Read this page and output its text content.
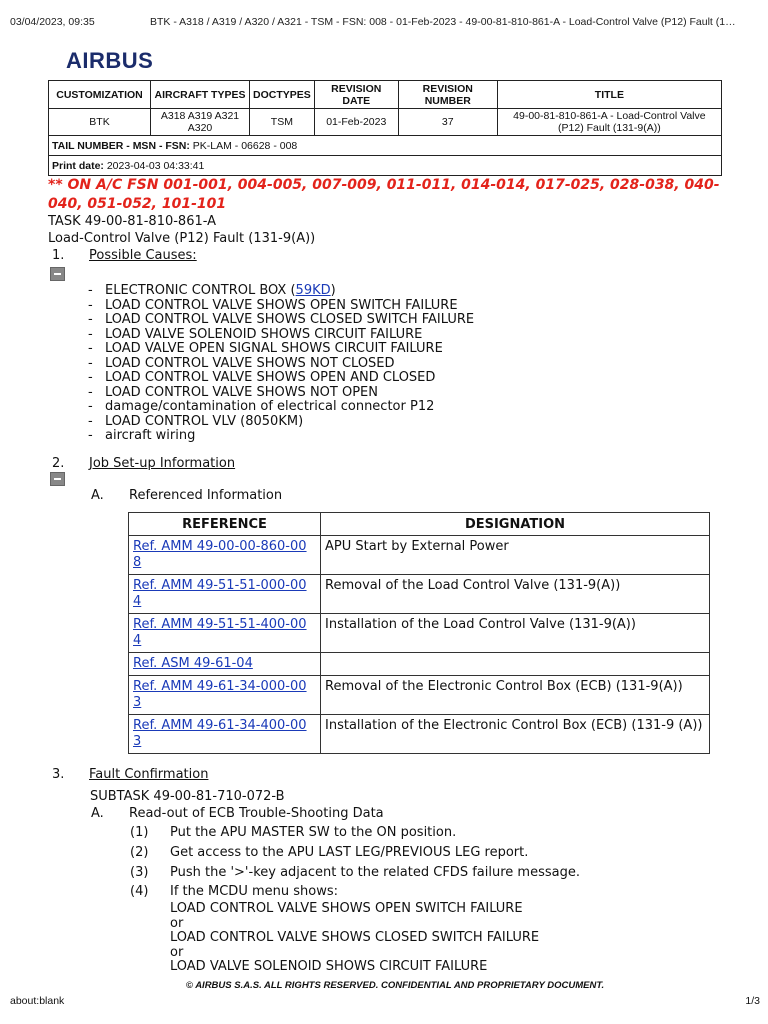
03/04/2023, 09:35	BTK - A318 / A319 / A320 / A321 - TSM - FSN: 008 - 01-Feb-2023 - 49-00-81-810-861-A - Load-Control Valve (P12) Fault (1…
AIRBUS
CUSTOMIZATION	AIRCRAFT TYPES	DOCTYPES	REVISION DATE	REVISION NUMBER	TITLE
BTK	A318 A319 A321 A320	TSM	01-Feb-2023	37	49-00-81-810-861-A - Load-Control Valve (P12) Fault (131-9(A))
TAIL NUMBER - MSN - FSN: PK-LAM - 06628 - 008					
Print date: 2023-04-03 04:33:41					
** ON A/C FSN 001-001, 004-005, 007-009, 011-011, 014-014, 017-025, 028-038, 040-040, 051-052, 101-101
TASK 49-00-81-810-861-A
Load-Control Valve (P12) Fault (131-9(A))
1. Possible Causes:
- ELECTRONIC CONTROL BOX (59KD)
- LOAD CONTROL VALVE SHOWS OPEN SWITCH FAILURE
- LOAD CONTROL VALVE SHOWS CLOSED SWITCH FAILURE
- LOAD VALVE SOLENOID SHOWS CIRCUIT FAILURE
- LOAD VALVE OPEN SIGNAL SHOWS CIRCUIT FAILURE
- LOAD CONTROL VALVE SHOWS NOT CLOSED
- LOAD CONTROL VALVE SHOWS OPEN AND CLOSED
- LOAD CONTROL VALVE SHOWS NOT OPEN
- damage/contamination of electrical connector P12
- LOAD CONTROL VLV (8050KM)
- aircraft wiring
2. Job Set-up Information
A. Referenced Information
REFERENCE	DESIGNATION
Ref. AMM 49-00-00-860-00 8	APU Start by External Power
Ref. AMM 49-51-51-000-00 4	Removal of the Load Control Valve (131-9(A))
Ref. AMM 49-51-51-400-00 4	Installation of the Load Control Valve (131-9(A))
Ref. ASM 49-61-04	
Ref. AMM 49-61-34-000-00 3	Removal of the Electronic Control Box (ECB) (131-9(A))
Ref. AMM 49-61-34-400-00 3	Installation of the Electronic Control Box (ECB) (131-9 (A))
3. Fault Confirmation
SUBTASK 49-00-81-710-072-B
A. Read-out of ECB Trouble-Shooting Data
(1) Put the APU MASTER SW to the ON position.
(2) Get access to the APU LAST LEG/PREVIOUS LEG report.
(3) Push the '>'-key adjacent to the related CFDS failure message.
(4) If the MCDU menu shows:
LOAD CONTROL VALVE SHOWS OPEN SWITCH FAILURE
or
LOAD CONTROL VALVE SHOWS CLOSED SWITCH FAILURE
or
LOAD VALVE SOLENOID SHOWS CIRCUIT FAILURE
© AIRBUS S.A.S. ALL RIGHTS RESERVED. CONFIDENTIAL AND PROPRIETARY DOCUMENT.
about:blank	1/3
